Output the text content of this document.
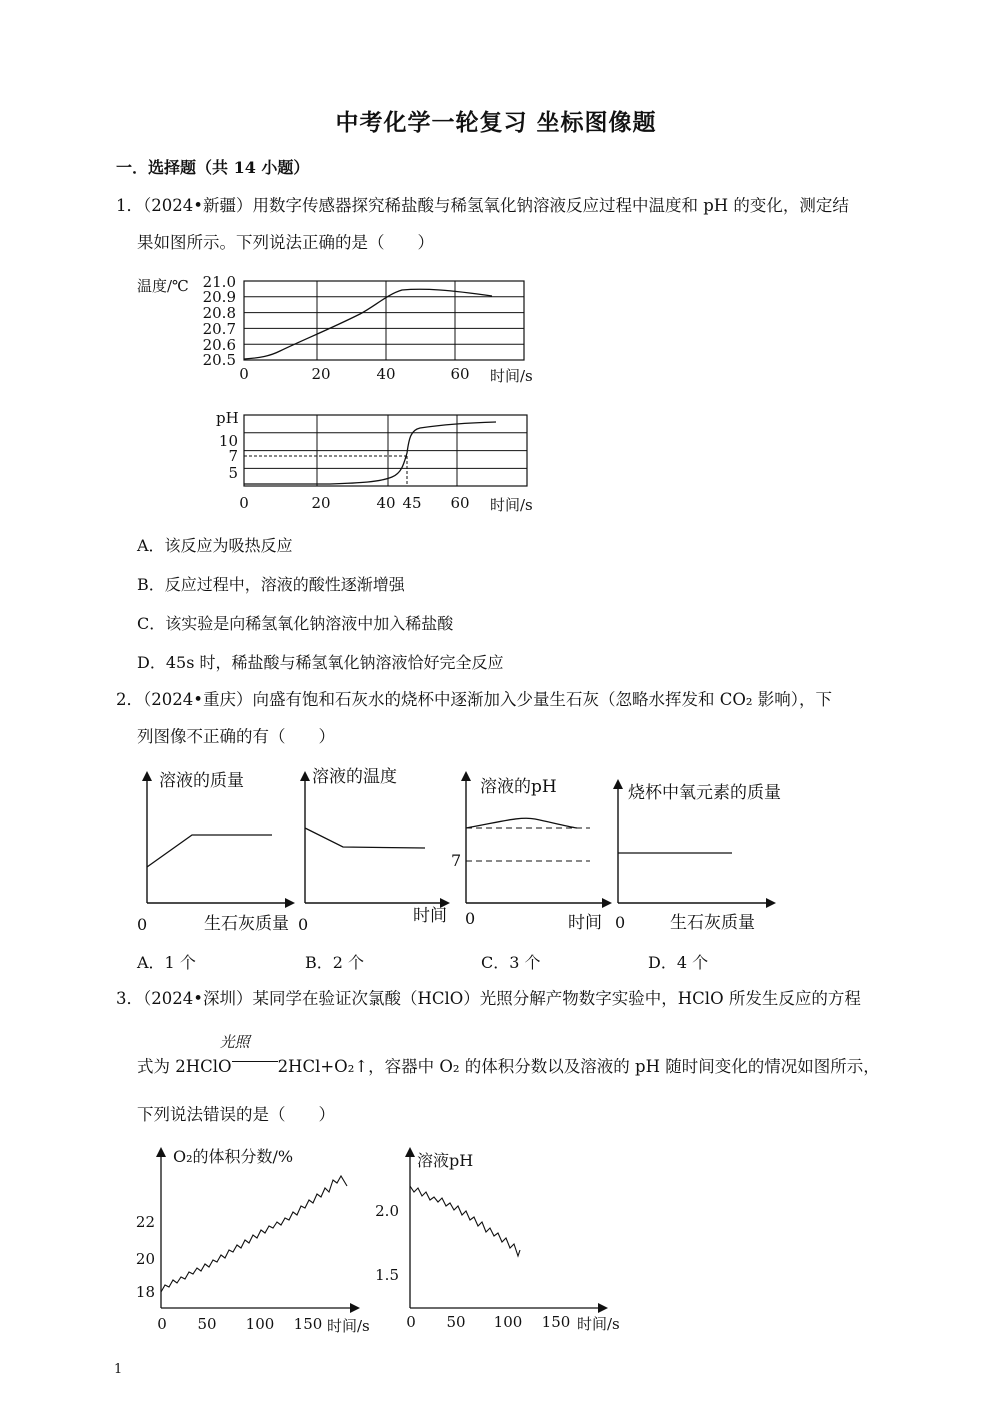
中考化学一轮复习 坐标图像题
一．选择题（共 14 小题）
1．（2024•新疆）用数字传感器探究稀盐酸与稀氢氧化钠溶液反应过程中温度和 pH 的变化，测定结
果如图所示。下列说法正确的是（　　）
温度/℃ 21.0
20.9
20.8
20.7
20.6
20.5
0	20	40	60 时间/s
pH
10
7
5
0	20	40 45 60 时间/s
A．该反应为吸热反应
B．反应过程中，溶液的酸性逐渐增强
C．该实验是向稀氢氧化钠溶液中加入稀盐酸
D．45s 时，稀盐酸与稀氢氧化钠溶液恰好完全反应
2．（2024•重庆）向盛有饱和石灰水的烧杯中逐渐加入少量生石灰（忽略水挥发和 CO₂ 影响），下
列图像不正确的有（　　）
溶液的质量
0	生石灰质量
溶液的温度
0	时间
溶液的pH
7
0	时间
烧杯中氧元素的质量
0	生石灰质量
A．1 个	B．2 个	C．3 个	D．4 个
3．（2024•深圳）某同学在验证次氯酸（HClO）光照分解产物数字实验中，HClO 所发生反应的方程
式为 2HClO
光照
2HCl+O₂↑，容器中 O₂ 的体积分数以及溶液的 pH 随时间变化的情况如图所示，
下列说法错误的是（　　）
O₂的体积分数/%
22
20
18
0 50 100 150 时间/s
溶液pH
2.0
1.5
0 50 100 150 时间/s
1
